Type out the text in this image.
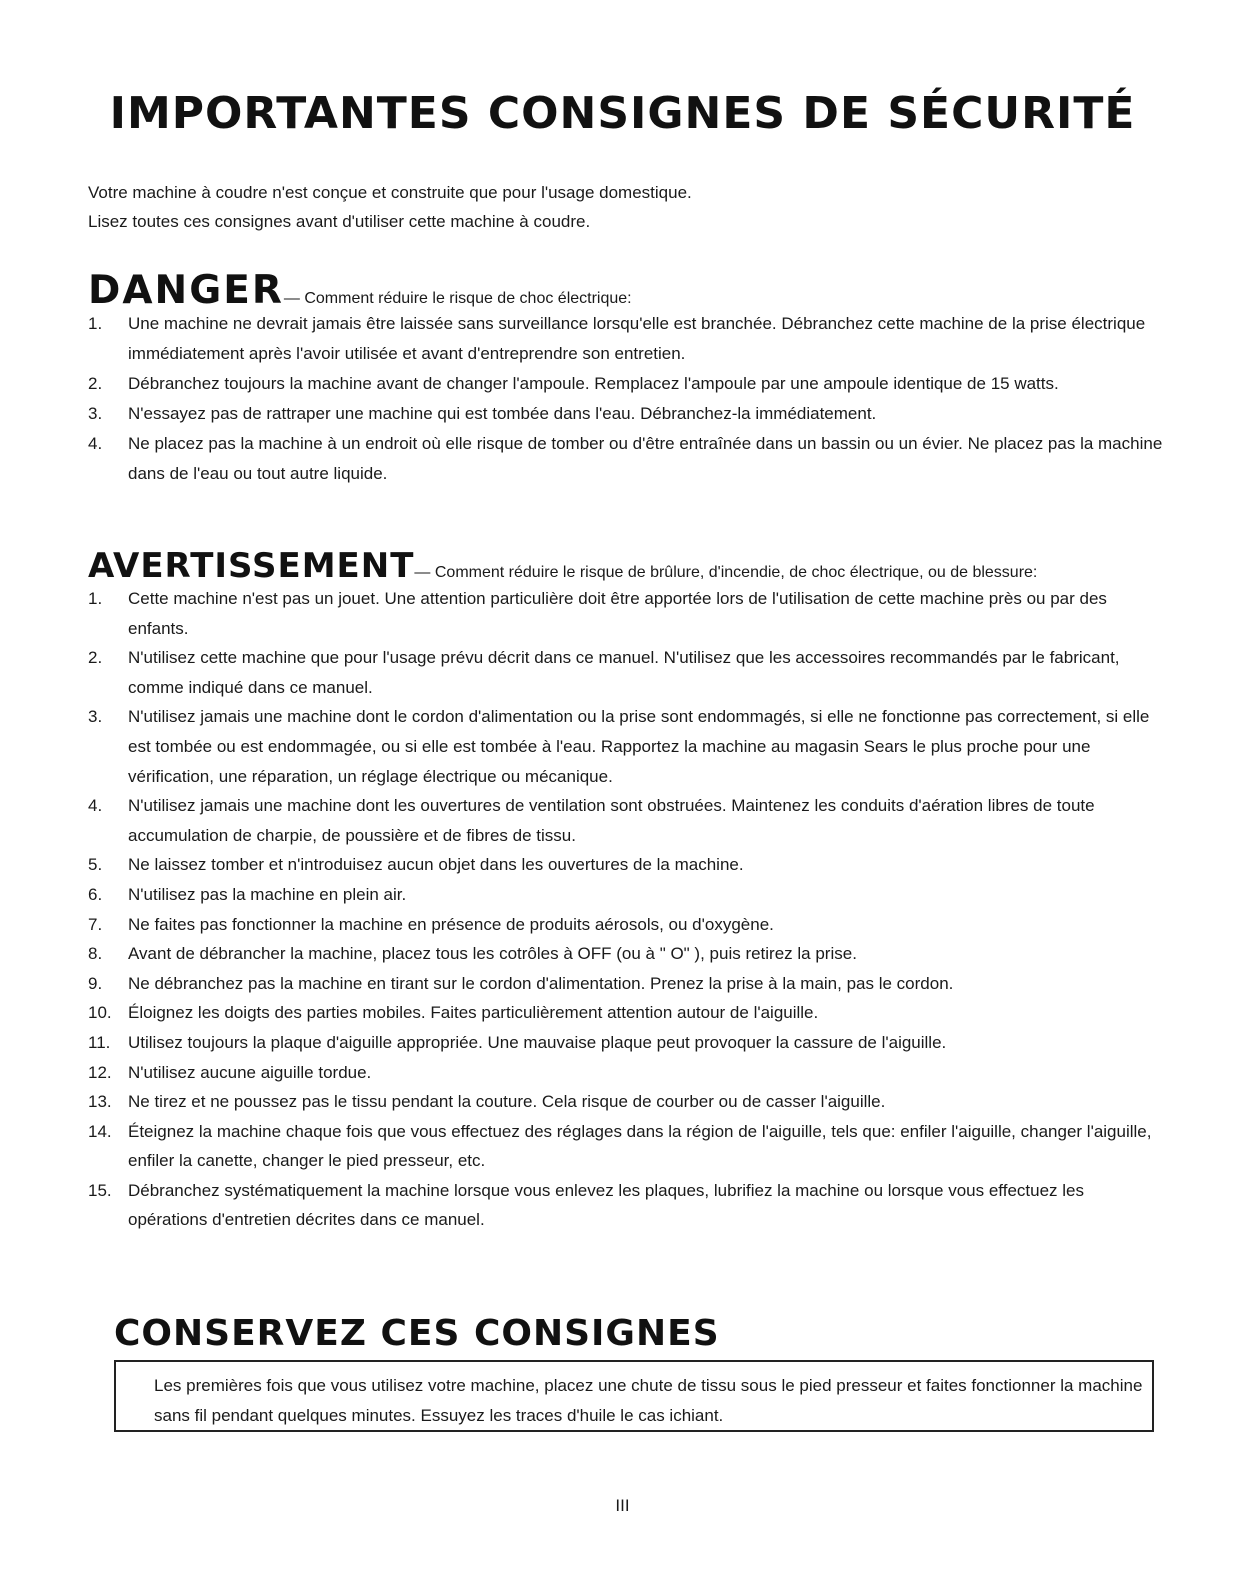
IMPORTANTES CONSIGNES DE SÉCURITÉ
Votre machine à coudre n'est conçue et construite que pour l'usage domestique.
Lisez toutes ces consignes avant d'utiliser cette machine à coudre.
DANGER— Comment réduire le risque de choc électrique:
1.	Une machine ne devrait jamais être laissée sans surveillance lorsqu'elle est branchée. Débranchez cette machine de la prise électrique immédiatement après l'avoir utilisée et avant d'entreprendre son entretien.
2.	Débranchez toujours la machine avant de changer l'ampoule. Remplacez l'ampoule par une ampoule identique de 15 watts.
3.	N'essayez pas de rattraper une machine qui est tombée dans l'eau. Débranchez-la immédiatement.
4.	Ne placez pas la machine à un endroit où elle risque de tomber ou d'être entraînée dans un bassin ou un évier. Ne placez pas la machine dans de l'eau ou tout autre liquide.
AVERTISSEMENT— Comment réduire le risque de brûlure, d'incendie, de choc électrique, ou de blessure:
1.	Cette machine n'est pas un jouet. Une attention particulière doit être apportée lors de l'utilisation de cette machine près ou par des enfants.
2.	N'utilisez cette machine que pour l'usage prévu décrit dans ce manuel. N'utilisez que les accessoires recommandés par le fabricant, comme indiqué dans ce manuel.
3.	N'utilisez jamais une machine dont le cordon d'alimentation ou la prise sont endommagés, si elle ne fonctionne pas correctement, si elle est tombée ou est endommagée, ou si elle est tombée à l'eau. Rapportez la machine au magasin Sears le plus proche pour une vérification, une réparation, un réglage électrique ou mécanique.
4.	N'utilisez jamais une machine dont les ouvertures de ventilation sont obstruées. Maintenez les conduits d'aération libres de toute accumulation de charpie, de poussière et de fibres de tissu.
5.	Ne laissez tomber et n'introduisez aucun objet dans les ouvertures de la machine.
6.	N'utilisez pas la machine en plein air.
7.	Ne faites pas fonctionner la machine en présence de produits aérosols, ou d'oxygène.
8.	Avant de débrancher la machine, placez tous les cotrôles à OFF (ou à " O" ), puis retirez la prise.
9.	Ne débranchez pas la machine en tirant sur le cordon d'alimentation. Prenez la prise à la main, pas le cordon.
10. Éloignez les doigts des parties mobiles. Faites particulièrement attention autour de l'aiguille.
11.	Utilisez toujours la plaque d'aiguille appropriée. Une mauvaise plaque peut provoquer la cassure de l'aiguille.
12. N'utilisez aucune aiguille tordue.
13. Ne tirez et ne poussez pas le tissu pendant la couture. Cela risque de courber ou de casser l'aiguille.
14. Éteignez la machine chaque fois que vous effectuez des réglages dans la région de l'aiguille, tels que: enfiler l'aiguille, changer l'aiguille, enfiler la canette, changer le pied presseur, etc.
15. Débranchez systématiquement la machine lorsque vous enlevez les plaques, lubrifiez la machine ou lorsque vous effectuez les opérations d'entretien décrites dans ce manuel.
CONSERVEZ CES CONSIGNES
Les premières fois que vous utilisez votre machine, placez une chute de tissu sous le pied presseur et faites fonctionner la machine sans fil pendant quelques minutes. Essuyez les traces d'huile le cas ichiant.
III
